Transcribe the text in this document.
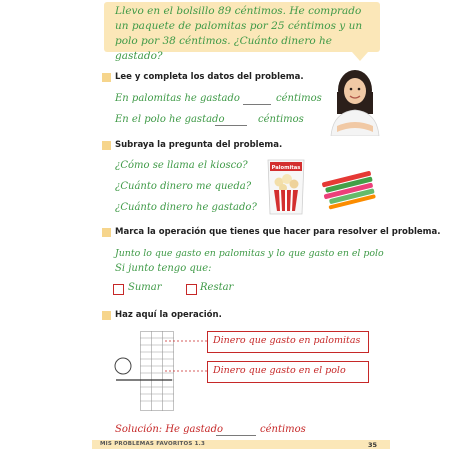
Llevo en el bolsillo 89 céntimos. He comprado un paquete de palomitas por 25 céntimos y un polo por 38 céntimos. ¿Cuánto dinero he gastado?
Lee y completa los datos del problema.
En palomitas he gastado	céntimos
En el polo he gastado	céntimos
Subraya la pregunta del problema.
¿Cómo se llama el kiosco?
¿Cuánto dinero me queda?
¿Cuánto dinero he gastado?
Palomitas
Marca la operación que tienes que hacer para resolver el problema.
Junto lo que gasto en palomitas y lo que gasto en el polo
Si junto tengo que:
Sumar	Restar
Haz aquí la operación.
Dinero que gasto en palomitas
Dinero que gasto en el polo
Solución: He gastado	céntimos
MIS PROBLEMAS FAVORITOS 1.3	35
